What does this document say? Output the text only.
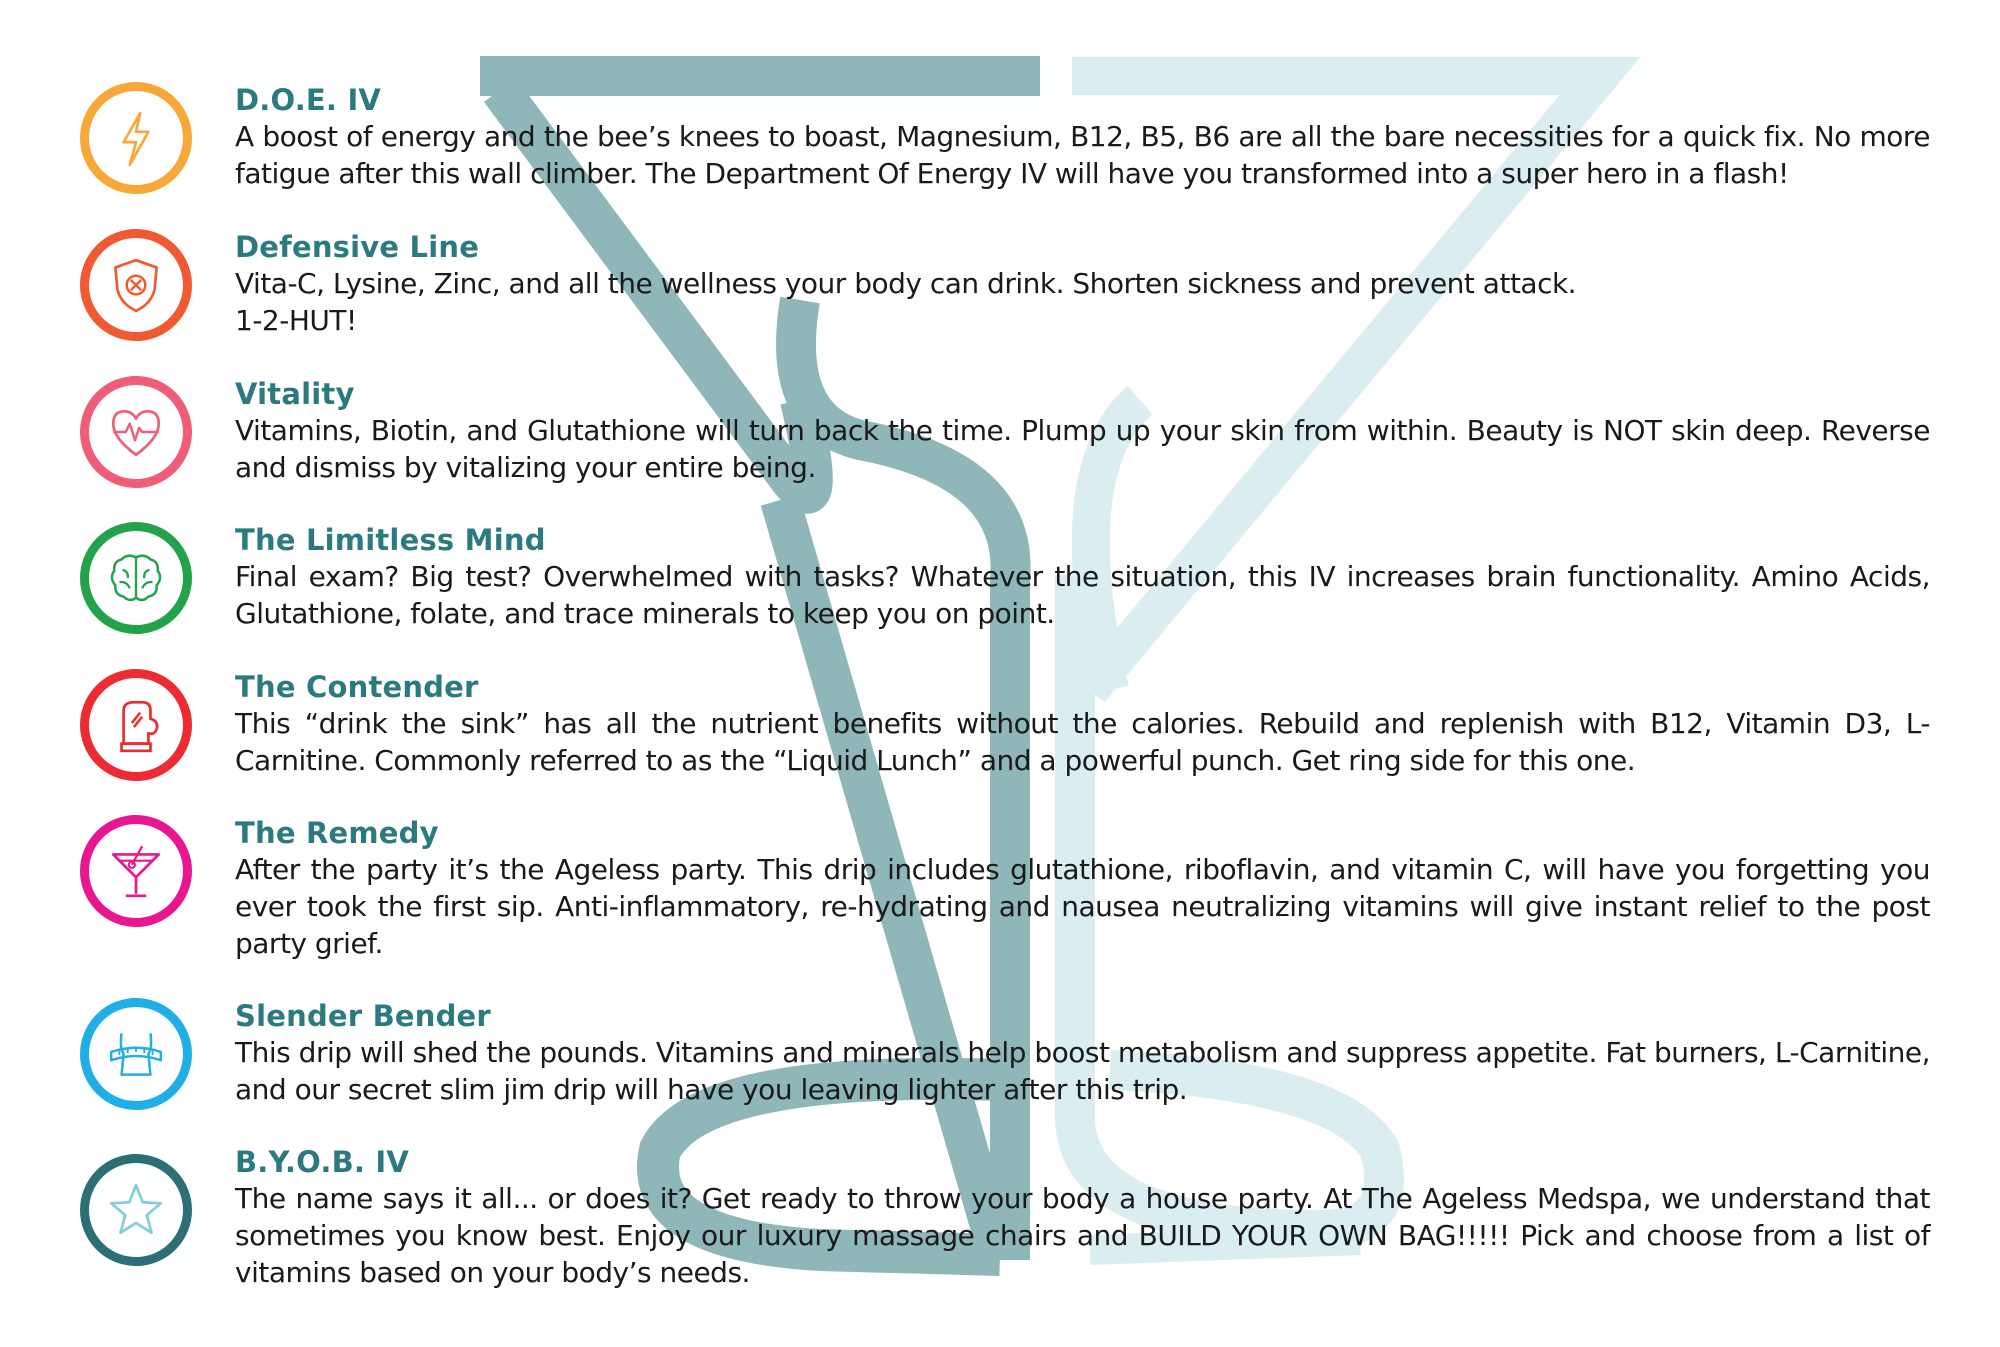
D.O.E. IV

A boost of energy and the bee’s knees to boast, Magnesium, B12, B5, B6 are all the bare necessities for a quick fix. No more fatigue after this wall climber. The Department Of Energy IV will have you transformed into a super hero in a flash!

Defensive Line

Vita-C, Lysine, Zinc, and all the wellness your body can drink. Shorten sickness and prevent attack.

1-2-HUT!

Vitality

Vitamins, Biotin, and Glutathione will turn back the time. Plump up your skin from within. Beauty is NOT skin deep. Reverse and dismiss by vitalizing your entire being.

The Limitless Mind

Final exam? Big test? Overwhelmed with tasks? Whatever the situation, this IV increases brain functionality. Amino Acids, Glutathione, folate, and trace minerals to keep you on point.

The Contender

This “drink the sink” has all the nutrient benefits without the calories. Rebuild and replenish with B12, Vitamin D3, L-Carnitine. Commonly referred to as the “Liquid Lunch” and a powerful punch. Get ring side for this one.

The Remedy

After the party it’s the Ageless party. This drip includes glutathione, riboflavin, and vitamin C, will have you forgetting you ever took the first sip. Anti-inflammatory, re-hydrating and nausea neutralizing vitamins will give instant relief to the post party grief.

Slender Bender

This drip will shed the pounds. Vitamins and minerals help boost metabolism and suppress appetite. Fat burners, L-Carnitine, and our secret slim jim drip will have you leaving lighter after this trip.

B.Y.O.B. IV

The name says it all... or does it? Get ready to throw your body a house party. At The Ageless Medspa, we understand that sometimes you know best. Enjoy our luxury massage chairs and BUILD YOUR OWN BAG!!!!! Pick and choose from a list of vitamins based on your body’s needs.
